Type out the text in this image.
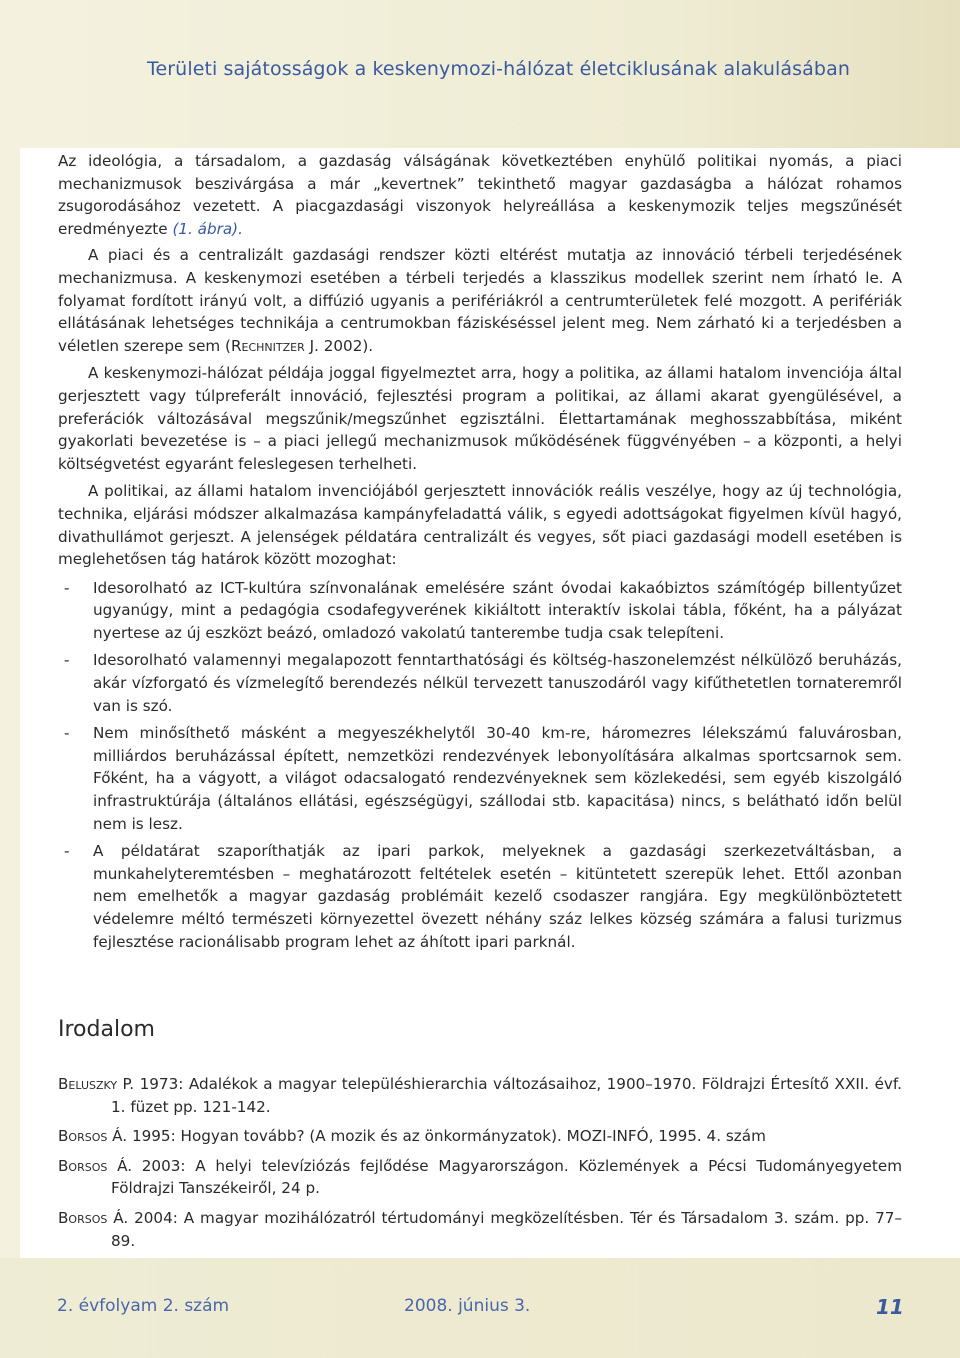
Területi sajátosságok a keskenymozi-hálózat életciklusának alakulásában

Az ideológia, a társadalom, a gazdaság válságának következtében enyhülő politikai nyomás, a piaci mechanizmusok beszivárgása a már „kevertnek” tekinthető magyar gazdaságba a hálózat rohamos zsugorodásához vezetett. A piacgazdasági viszonyok helyreállása a keskenymozik teljes megszűnését eredményezte (1. ábra).

A piaci és a centralizált gazdasági rendszer közti eltérést mutatja az innováció térbeli terjedésének mechanizmusa. A keskenymozi esetében a térbeli terjedés a klasszikus modellek szerint nem írható le. A folyamat fordított irányú volt, a diffúzió ugyanis a perifériákról a centrumterületek felé mozgott. A perifériák ellátásának lehetséges technikája a centrumokban fáziskéséssel jelent meg. Nem zárható ki a terjedésben a véletlen szerepe sem (Rechnitzer J. 2002).

A keskenymozi-hálózat példája joggal figyelmeztet arra, hogy a politika, az állami hatalom invenciója által gerjesztett vagy túlpreferált innováció, fejlesztési program a politikai, az állami akarat gyengülésével, a preferációk változásával megszűnik/megszűnhet egzisztálni. Élettartamának meghosszabbítása, miként gyakorlati bevezetése is – a piaci jellegű mechanizmusok működésének függvényében – a központi, a helyi költségvetést egyaránt feleslegesen terhelheti.

A politikai, az állami hatalom invenciójából gerjesztett innovációk reális veszélye, hogy az új technológia, technika, eljárási módszer alkalmazása kampányfeladattá válik, s egyedi adottságokat figyelmen kívül hagyó, divathullámot gerjeszt. A jelenségek példatára centralizált és vegyes, sőt piaci gazdasági modell esetében is meglehetősen tág határok között mozoghat:

- Idesorolható az ICT-kultúra színvonalának emelésére szánt óvodai kakaóbiztos számítógép billentyűzet ugyanúgy, mint a pedagógia csodafegyverének kikiáltott interaktív iskolai tábla, főként, ha a pályázat nyertese az új eszközt beázó, omladozó vakolatú tanterembe tudja csak telepíteni.
- Idesorolható valamennyi megalapozott fenntarthatósági és költség-haszonelemzést nélkülöző beruházás, akár vízforgató és vízmelegítő berendezés nélkül tervezett tanuszodáról vagy kifűthetetlen tornateremről van is szó.
- Nem minősíthető másként a megyeszékhelytől 30-40 km-re, háromezres lélekszámú faluvárosban, milliárdos beruházással épített, nemzetközi rendezvények lebonyolítására alkalmas sportcsarnok sem. Főként, ha a vágyott, a világot odacsalogató rendezvényeknek sem közlekedési, sem egyéb kiszolgáló infrastruktúrája (általános ellátási, egészségügyi, szállodai stb. kapacitása) nincs, s belátható időn belül nem is lesz.
- A példatárat szaporíthatják az ipari parkok, melyeknek a gazdasági szerkezetváltásban, a munkahelyteremtésben – meghatározott feltételek esetén – kitüntetett szerepük lehet. Ettől azonban nem emelhetők a magyar gazdaság problémáit kezelő csodaszer rangjára. Egy megkülönböztetett védelemre méltó természeti környezettel övezett néhány száz lelkes község számára a falusi turizmus fejlesztése racionálisabb program lehet az áhított ipari parknál.
Irodalom
Beluszky P. 1973: Adalékok a magyar településhierarchia változásaihoz, 1900–1970. Földrajzi Értesítő XXII. évf. 1. füzet pp. 121-142.
Borsos Á. 1995: Hogyan tovább? (A mozik és az önkormányzatok). MOZI-INFÓ, 1995. 4. szám
Borsos Á. 2003: A helyi televíziózás fejlődése Magyarországon. Közlemények a Pécsi Tudományegyetem Földrajzi Tanszékeiről, 24 p.
Borsos Á. 2004: A magyar mozihálózatról tértudományi megközelítésben. Tér és Társadalom 3. szám. pp. 77–89.
2. évfolyam 2. szám	2008. június 3.	11
